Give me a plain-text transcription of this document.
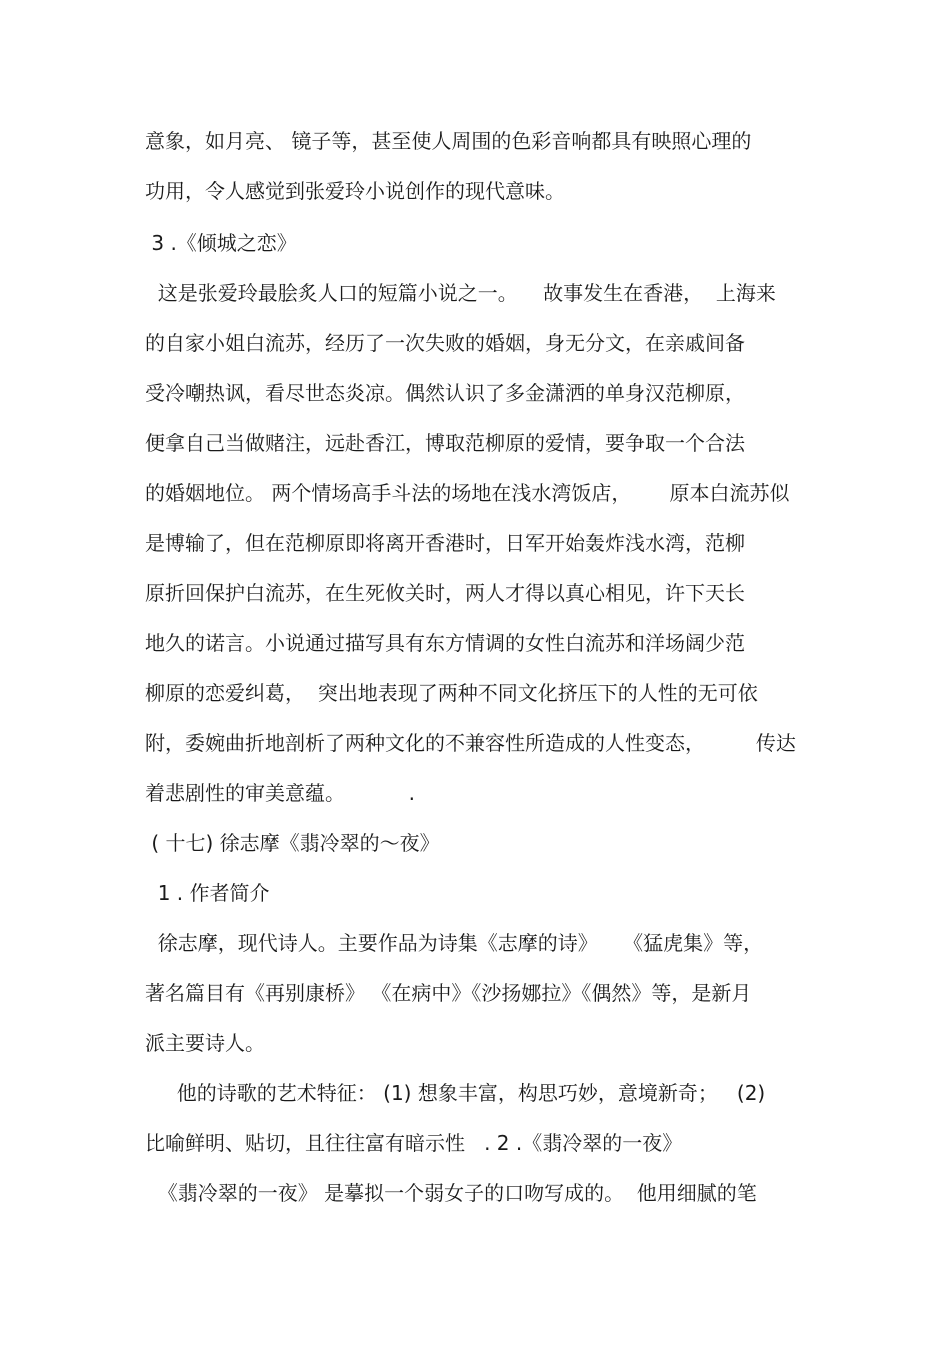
意象，如月亮、 镜子等，甚至使人周围的色彩音响都具有映照心理的
功用，令人感觉到张爱玲小说创作的现代意味。
3 .《倾城之恋》
这是张爱玲最脍炙人口的短篇小说之一。    故事发生在香港，  上海来
的自家小姐白流苏，经历了一次失败的婚姻，身无分文，在亲戚间备
受冷嘲热讽，看尽世态炎凉。偶然认识了多金潇洒的单身汉范柳原，
便拿自己当做赌注，远赴香江，博取范柳原的爱情，要争取一个合法
的婚姻地位。 两个情场高手斗法的场地在浅水湾饭店，      原本白流苏似
是博输了，但在范柳原即将离开香港时，日军开始轰炸浅水湾，范柳
原折回保护白流苏，在生死攸关时，两人才得以真心相见，许下天长
地久的诺言。小说通过描写具有东方情调的女性白流苏和洋场阔少范
柳原的恋爱纠葛，  突出地表现了两种不同文化挤压下的人性的无可依
附，委婉曲折地剖析了两种文化的不兼容性所造成的人性变态，        传达
着悲剧性的审美意蕴。          .
( 十七) 徐志摩《翡冷翠的～夜》
1 . 作者简介
徐志摩，现代诗人。主要作品为诗集《志摩的诗》    《猛虎集》等，
著名篇目有《再别康桥》 《在病中》《沙扬娜拉》《偶然》等，是新月
派主要诗人。
他的诗歌的艺术特征： (1) 想象丰富，构思巧妙，意境新奇；   (2)
比喻鲜明、贴切，且往往富有暗示性   . 2 .《翡冷翠的一夜》
《翡冷翠的一夜》 是摹拟一个弱女子的口吻写成的。  他用细腻的笔
